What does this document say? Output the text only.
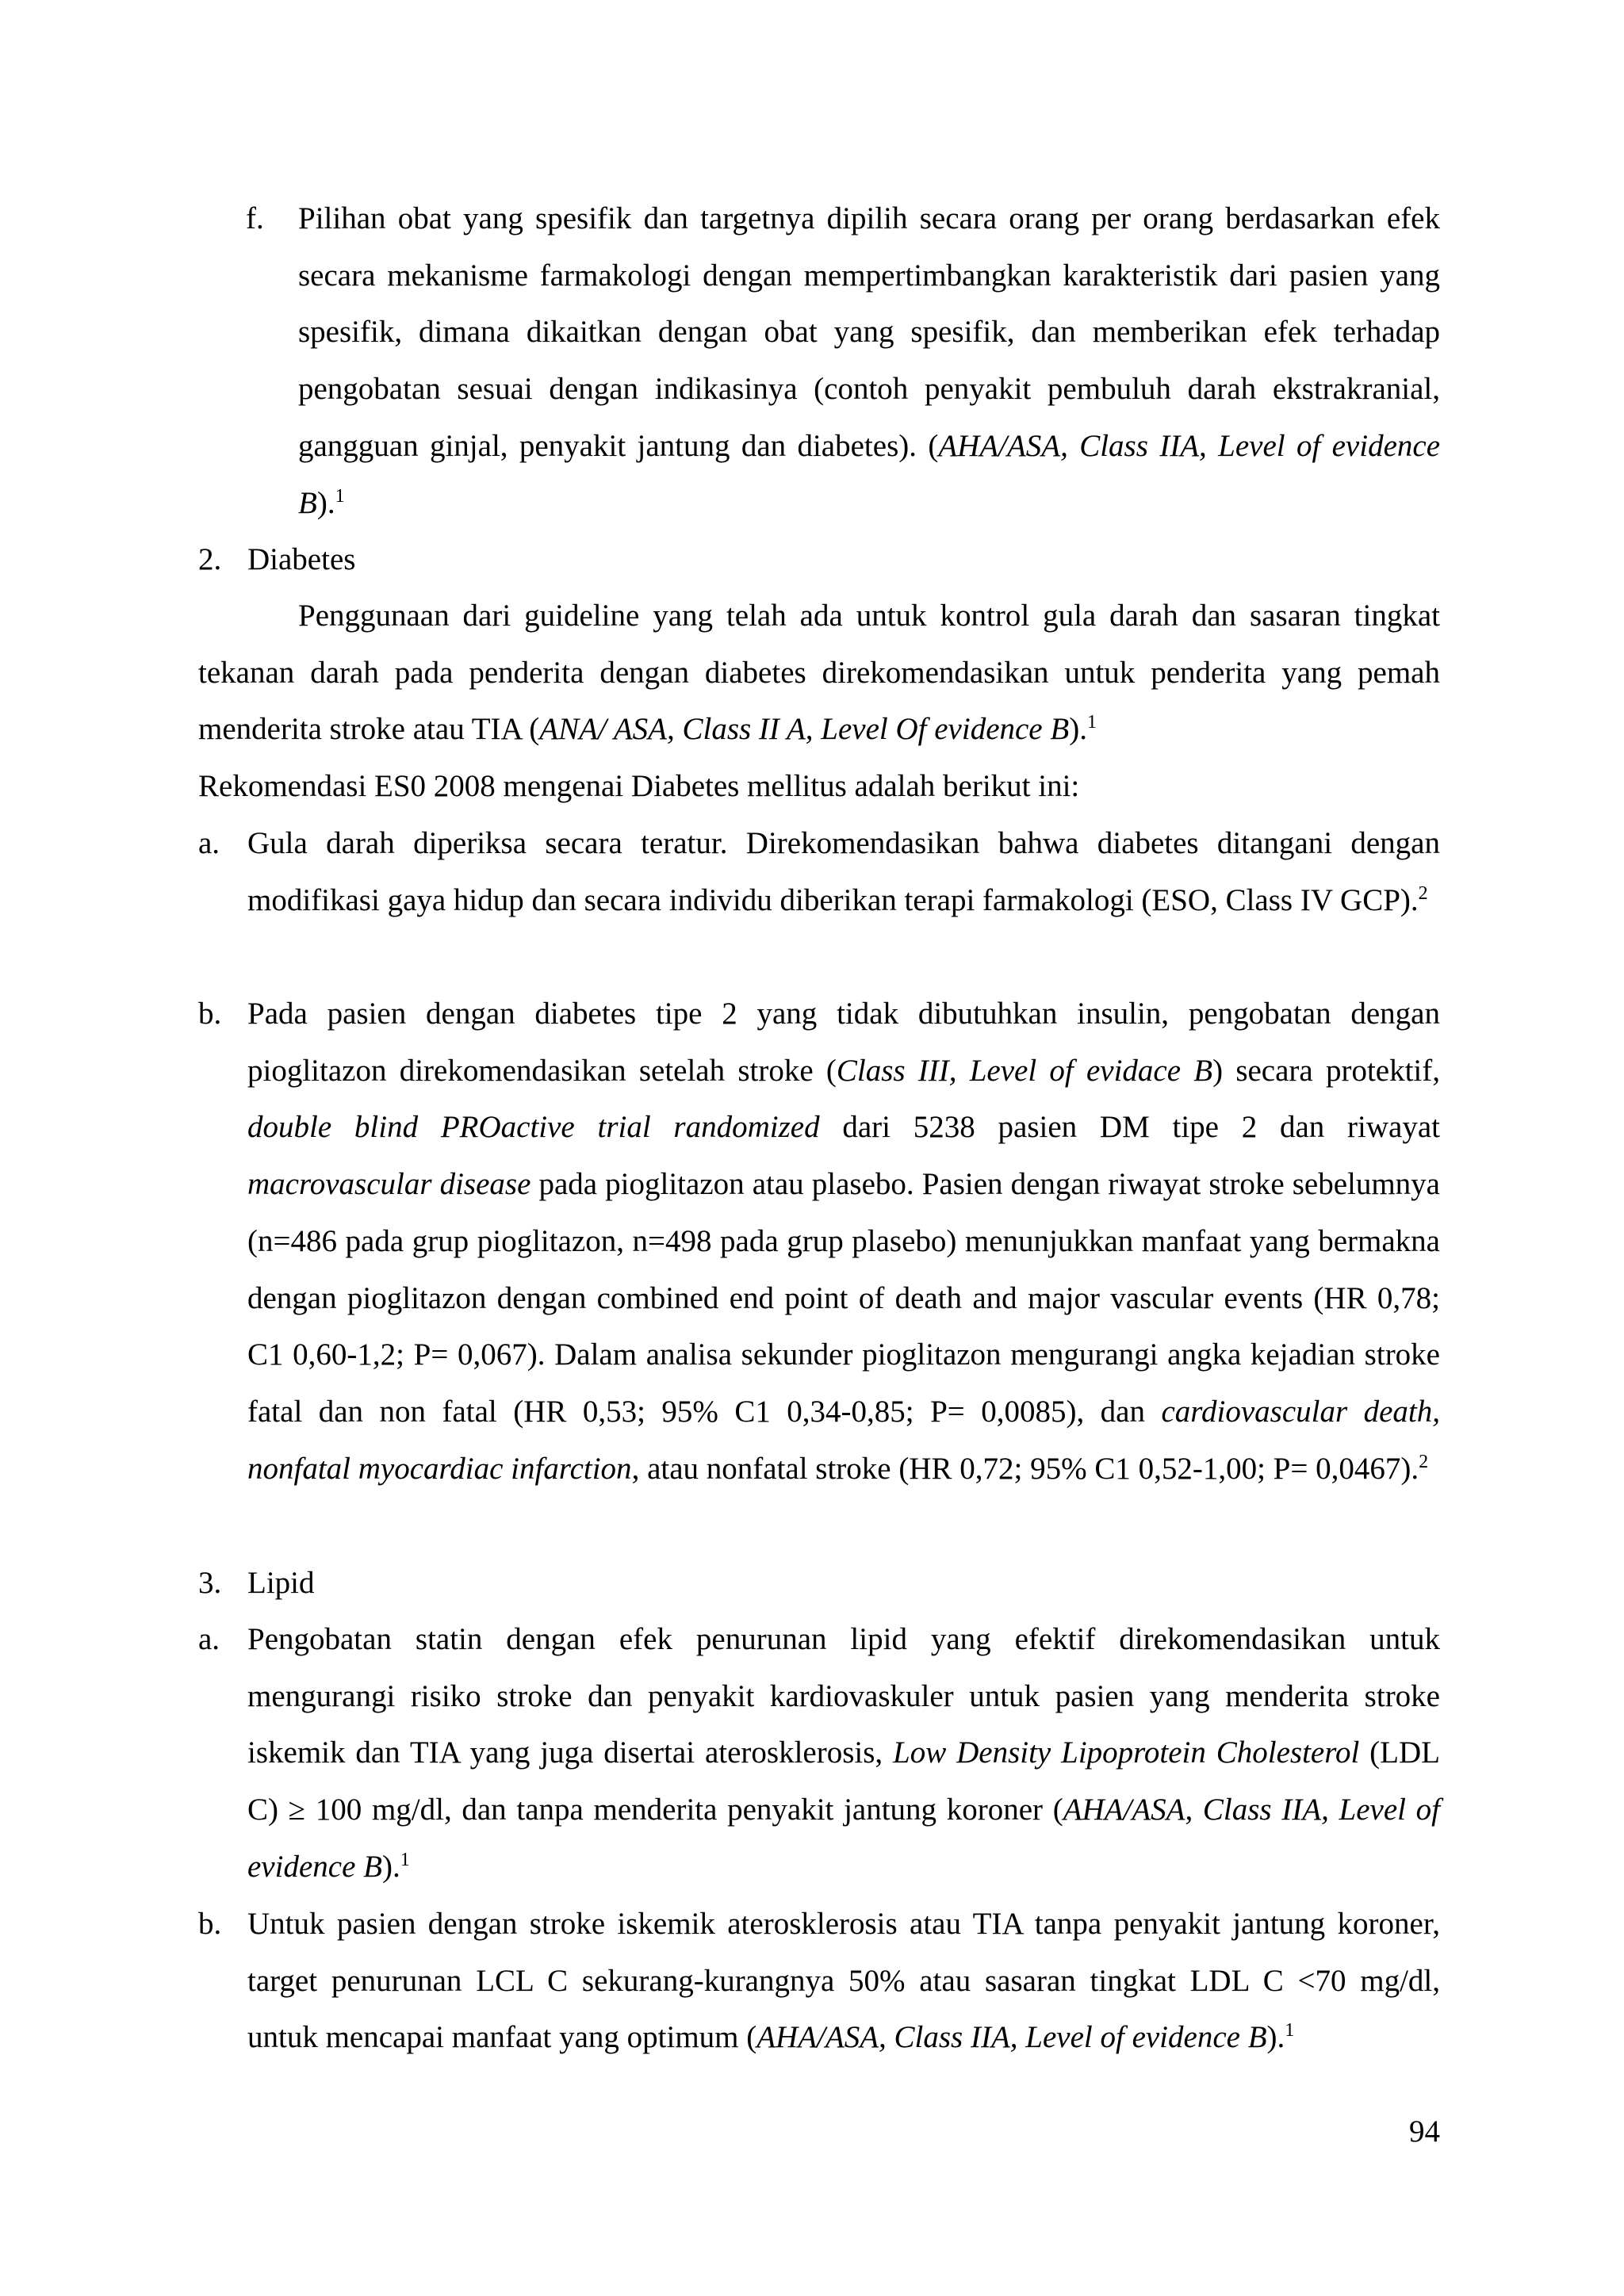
f. Pilihan obat yang spesifik dan targetnya dipilih secara orang per orang berdasarkan efek secara mekanisme farmakologi dengan mempertimbangkan karakteristik dari pasien yang spesifik, dimana dikaitkan dengan obat yang spesifik, dan memberikan efek terhadap pengobatan sesuai dengan indikasinya (contoh penyakit pembuluh darah ekstrakranial, gangguan ginjal, penyakit jantung dan diabetes). (AHA/ASA, Class IIA, Level of evidence B).$^1$

2. Diabetes

Penggunaan dari guideline yang telah ada untuk kontrol gula darah dan sasaran tingkat tekanan darah pada penderita dengan diabetes direkomendasikan untuk penderita yang pemah menderita stroke atau TIA (ANA/ ASA, Class II A, Level Of evidence B).$^1$

Rekomendasi ES0 2008 mengenai Diabetes mellitus adalah berikut ini:

a. Gula darah diperiksa secara teratur. Direkomendasikan bahwa diabetes ditangani dengan modifikasi gaya hidup dan secara individu diberikan terapi farmakologi (ESO, Class IV GCP).$^2$

b. Pada pasien dengan diabetes tipe 2 yang tidak dibutuhkan insulin, pengobatan dengan pioglitazon direkomendasikan setelah stroke (Class III, Level of evidace B) secara protektif, double blind PROactive trial randomized dari 5238 pasien DM tipe 2 dan riwayat macrovascular disease pada pioglitazon atau plasebo. Pasien dengan riwayat stroke sebelumnya (n=486 pada grup pioglitazon, n=498 pada grup plasebo) menunjukkan manfaat yang bermakna dengan pioglitazon dengan combined end point of death and major vascular events (HR 0,78; C1 0,60-1,2; P= 0,067). Dalam analisa sekunder pioglitazon mengurangi angka kejadian stroke fatal dan non fatal (HR 0,53; 95% C1 0,34-0,85; P= 0,0085), dan cardiovascular death, nonfatal myocardiac infarction, atau nonfatal stroke (HR 0,72; 95% C1 0,52-1,00; P= 0,0467).$^2$

3. Lipid

a. Pengobatan statin dengan efek penurunan lipid yang efektif direkomendasikan untuk mengurangi risiko stroke dan penyakit kardiovaskuler untuk pasien yang menderita stroke iskemik dan TIA yang juga disertai aterosklerosis, Low Density Lipoprotein Cholesterol (LDL C) ≥ 100 mg/dl, dan tanpa menderita penyakit jantung koroner (AHA/ASA, Class IIA, Level of evidence B).$^1$

b. Untuk pasien dengan stroke iskemik aterosklerosis atau TIA tanpa penyakit jantung koroner, target penurunan LCL C sekurang-kurangnya 50% atau sasaran tingkat LDL C <70 mg/dl, untuk mencapai manfaat yang optimum (AHA/ASA, Class IIA, Level of evidence B).$^1$

94
